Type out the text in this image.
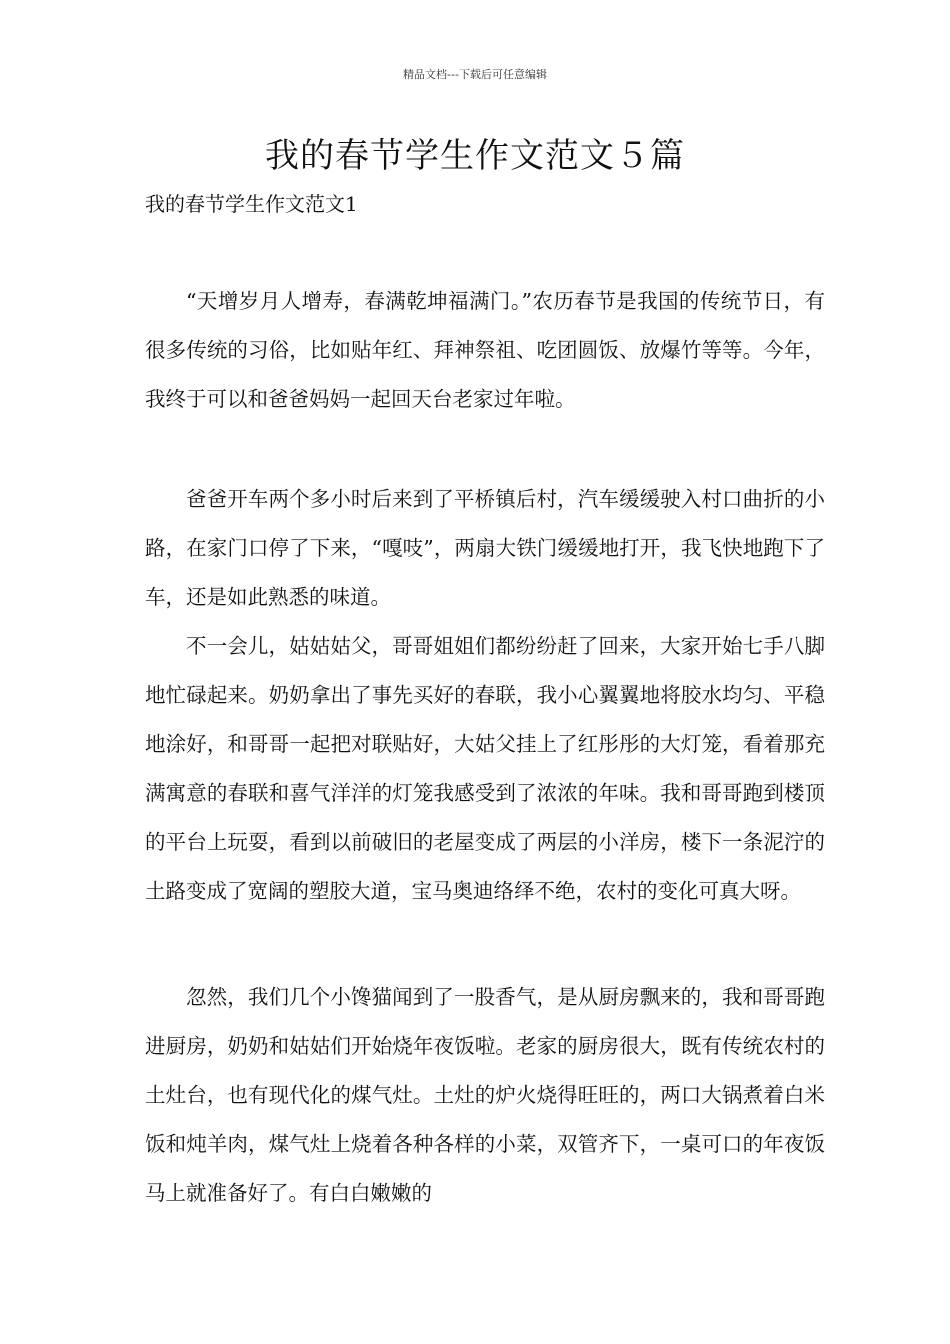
精品文档---下载后可任意编辑
我的春节学生作文范文５篇
我的春节学生作文范文1

“天增岁月人增寿，春满乾坤福满门。”农历春节是我国的传统节日，有很多传统的习俗，比如贴年红、拜神祭祖、吃团圆饭、放爆竹等等。今年，我终于可以和爸爸妈妈一起回天台老家过年啦。

爸爸开车两个多小时后来到了平桥镇后村，汽车缓缓驶入村口曲折的小路，在家门口停了下来，“嘎吱”，两扇大铁门缓缓地打开，我飞快地跑下了车，还是如此熟悉的味道。

不一会儿，姑姑姑父，哥哥姐姐们都纷纷赶了回来，大家开始七手八脚地忙碌起来。奶奶拿出了事先买好的春联，我小心翼翼地将胶水均匀、平稳地涂好，和哥哥一起把对联贴好，大姑父挂上了红彤彤的大灯笼，看着那充满寓意的春联和喜气洋洋的灯笼我感受到了浓浓的年味。我和哥哥跑到楼顶的平台上玩耍，看到以前破旧的老屋变成了两层的小洋房，楼下一条泥泞的土路变成了宽阔的塑胶大道，宝马奥迪络绎不绝，农村的变化可真大呀。

忽然，我们几个小馋猫闻到了一股香气，是从厨房飘来的，我和哥哥跑进厨房，奶奶和姑姑们开始烧年夜饭啦。老家的厨房很大，既有传统农村的土灶台，也有现代化的煤气灶。土灶的炉火烧得旺旺的，两口大锅煮着白米饭和炖羊肉，煤气灶上烧着各种各样的小菜，双管齐下，一桌可口的年夜饭马上就准备好了。有白白嫩嫩的
